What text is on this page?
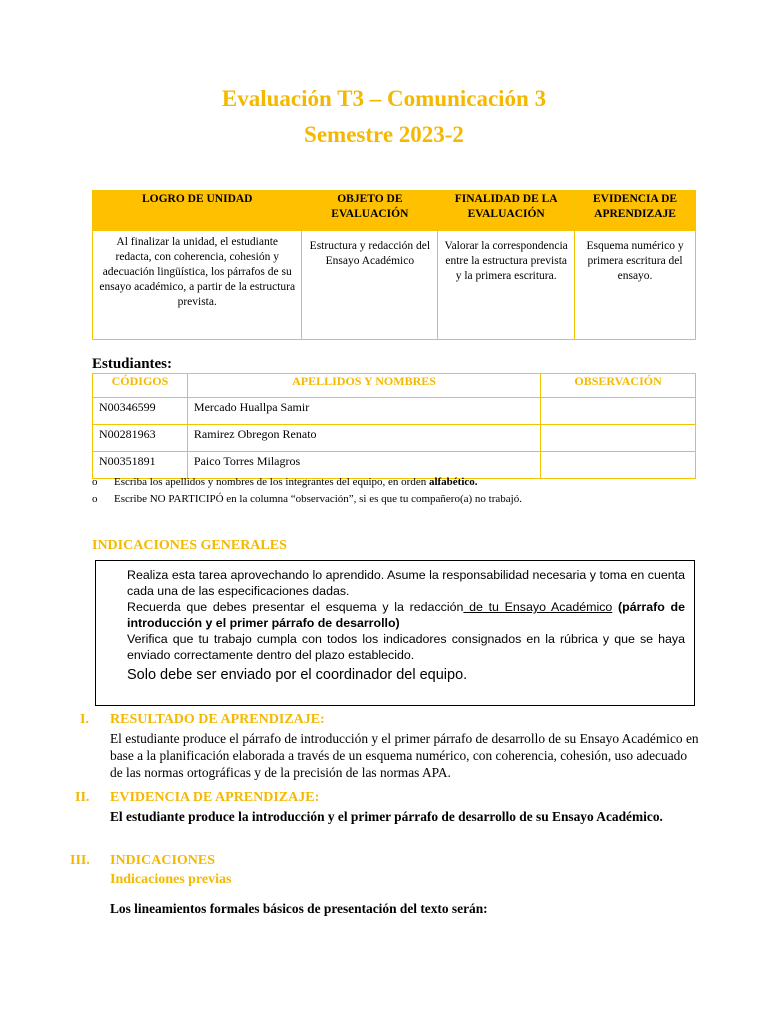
Evaluación T3 – Comunicación 3
Semestre 2023-2
LOGRO DE UNIDAD	OBJETO DE EVALUACIÓN	FINALIDAD DE LA EVALUACIÓN	EVIDENCIA DE APRENDIZAJE
Al finalizar la unidad, el estudiante redacta, con coherencia, cohesión y adecuación lingüística, los párrafos de su ensayo académico, a partir de la estructura prevista.	Estructura y redacción del Ensayo Académico	Valorar la correspondencia entre la estructura prevista y la primera escritura.	Esquema numérico y primera escritura del ensayo.
Estudiantes:
CÓDIGOS	APELLIDOS Y NOMBRES	OBSERVACIÓN
N00346599	Mercado Huallpa Samir	
N00281963	Ramirez Obregon Renato	
N00351891	Paico Torres Milagros	
o Escriba los apellidos y nombres de los integrantes del equipo, en orden alfabético.
o Escribe NO PARTICIPÓ en la columna “observación”, si es que tu compañero(a) no trabajó.
INDICACIONES GENERALES

Realiza esta tarea aprovechando lo aprendido. Asume la responsabilidad necesaria y toma en cuenta cada una de las especificaciones dadas.

Recuerda que debes presentar el esquema y la redacción de tu Ensayo Académico (párrafo de introducción y el primer párrafo de desarrollo)

Verifica que tu trabajo cumpla con todos los indicadores consignados en la rúbrica y que se haya enviado correctamente dentro del plazo establecido.

Solo debe ser enviado por el coordinador del equipo.

I. RESULTADO DE APRENDIZAJE:
El estudiante produce el párrafo de introducción y el primer párrafo de desarrollo de su Ensayo Académico en base a la planificación elaborada a través de un esquema numérico, con coherencia, cohesión, uso adecuado de las normas ortográficas y de la precisión de las normas APA.
II. EVIDENCIA DE APRENDIZAJE:
El estudiante produce la introducción y el primer párrafo de desarrollo de su Ensayo Académico.
III. INDICACIONES
Indicaciones previas
Los lineamientos formales básicos de presentación del texto serán:
